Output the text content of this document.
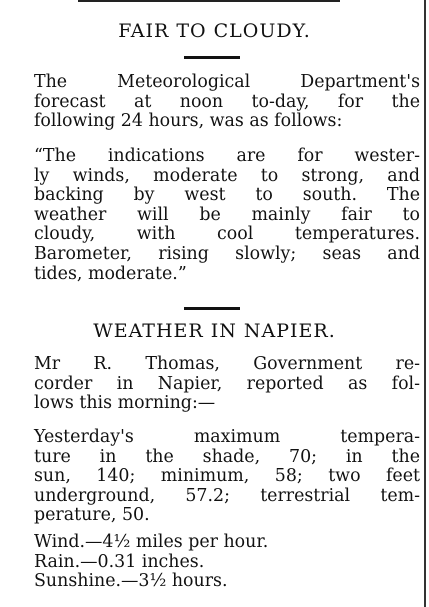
FAIR TO CLOUDY.

The Meteorological Department's
forecast at noon to-day, for the
following 24 hours, was as follows:

“The indications are for wester-
ly winds, moderate to strong, and
backing by west to south. The
weather will be mainly fair to
cloudy, with cool temperatures.
Barometer, rising slowly; seas and
tides, moderate.”

WEATHER IN NAPIER.

Mr R. Thomas, Government re-
corder in Napier, reported as fol-
lows this morning:—

Yesterday's maximum tempera-
ture in the shade, 70; in the
sun, 140; minimum, 58; two feet
underground, 57.2; terrestrial tem-
perature, 50.

Wind.—4½ miles per hour.
Rain.—0.31 inches.
Sunshine.—3½ hours.
